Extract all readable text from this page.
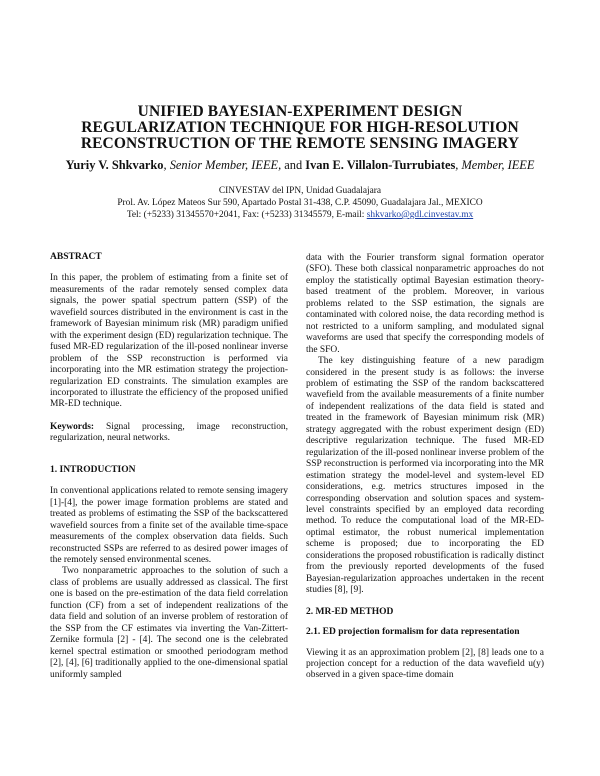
UNIFIED BAYESIAN-EXPERIMENT DESIGN
REGULARIZATION TECHNIQUE FOR HIGH-RESOLUTION
RECONSTRUCTION OF THE REMOTE SENSING IMAGERY
Yuriy V. Shkvarko, Senior Member, IEEE, and Ivan E. Villalon-Turrubiates, Member, IEEE
CINVESTAV del IPN, Unidad Guadalajara
Prol. Av. López Mateos Sur 590, Apartado Postal 31-438, C.P. 45090, Guadalajara Jal., MEXICO
Tel: (+5233) 31345570+2041, Fax: (+5233) 31345579, E-mail: shkvarko@gdl.cinvestav.mx

ABSTRACT

In this paper, the problem of estimating from a finite set of measurements of the radar remotely sensed complex data signals, the power spatial spectrum pattern (SSP) of the wavefield sources distributed in the environment is cast in the framework of Bayesian minimum risk (MR) paradigm unified with the experiment design (ED) regularization technique. The fused MR-ED regularization of the ill-posed nonlinear inverse problem of the SSP reconstruction is performed via incorporating into the MR estimation strategy the projection-regularization ED constraints. The simulation examples are incorporated to illustrate the efficiency of the proposed unified MR-ED technique.

Keywords: Signal processing, image reconstruction, regularization, neural networks.

1. INTRODUCTION

In conventional applications related to remote sensing imagery [1]-[4], the power image formation problems are stated and treated as problems of estimating the SSP of the backscattered wavefield sources from a finite set of the available time-space measurements of the complex observation data fields. Such reconstructed SSPs are referred to as desired power images of the remotely sensed environmental scenes.

Two nonparametric approaches to the solution of such a class of problems are usually addressed as classical. The first one is based on the pre-estimation of the data field correlation function (CF) from a set of independent realizations of the data field and solution of an inverse problem of restoration of the SSP from the CF estimates via inverting the Van-Zittert-Zernike formula [2] - [4]. The second one is the celebrated kernel spectral estimation or smoothed periodogram method [2], [4], [6] traditionally applied to the one-dimensional spatial uniformly sampled

data with the Fourier transform signal formation operator (SFO). These both classical nonparametric approaches do not employ the statistically optimal Bayesian estimation theory-based treatment of the problem. Moreover, in various problems related to the SSP estimation, the signals are contaminated with colored noise, the data recording method is not restricted to a uniform sampling, and modulated signal waveforms are used that specify the corresponding models of the SFO.

The key distinguishing feature of a new paradigm considered in the present study is as follows: the inverse problem of estimating the SSP of the random backscattered wavefield from the available measurements of a finite number of independent realizations of the data field is stated and treated in the framework of Bayesian minimum risk (MR) strategy aggregated with the robust experiment design (ED) descriptive regularization technique. The fused MR-ED regularization of the ill-posed nonlinear inverse problem of the SSP reconstruction is performed via incorporating into the MR estimation strategy the model-level and system-level ED considerations, e.g. metrics structures imposed in the corresponding observation and solution spaces and system-level constraints specified by an employed data recording method. To reduce the computational load of the MR-ED-optimal estimator, the robust numerical implementation scheme is proposed; due to incorporating the ED considerations the proposed robustification is radically distinct from the previously reported developments of the fused Bayesian-regularization approaches undertaken in the recent studies [8], [9].

2. MR-ED METHOD

2.1. ED projection formalism for data representation

Viewing it as an approximation problem [2], [8] leads one to a projection concept for a reduction of the data wavefield u(y) observed in a given space-time domain
